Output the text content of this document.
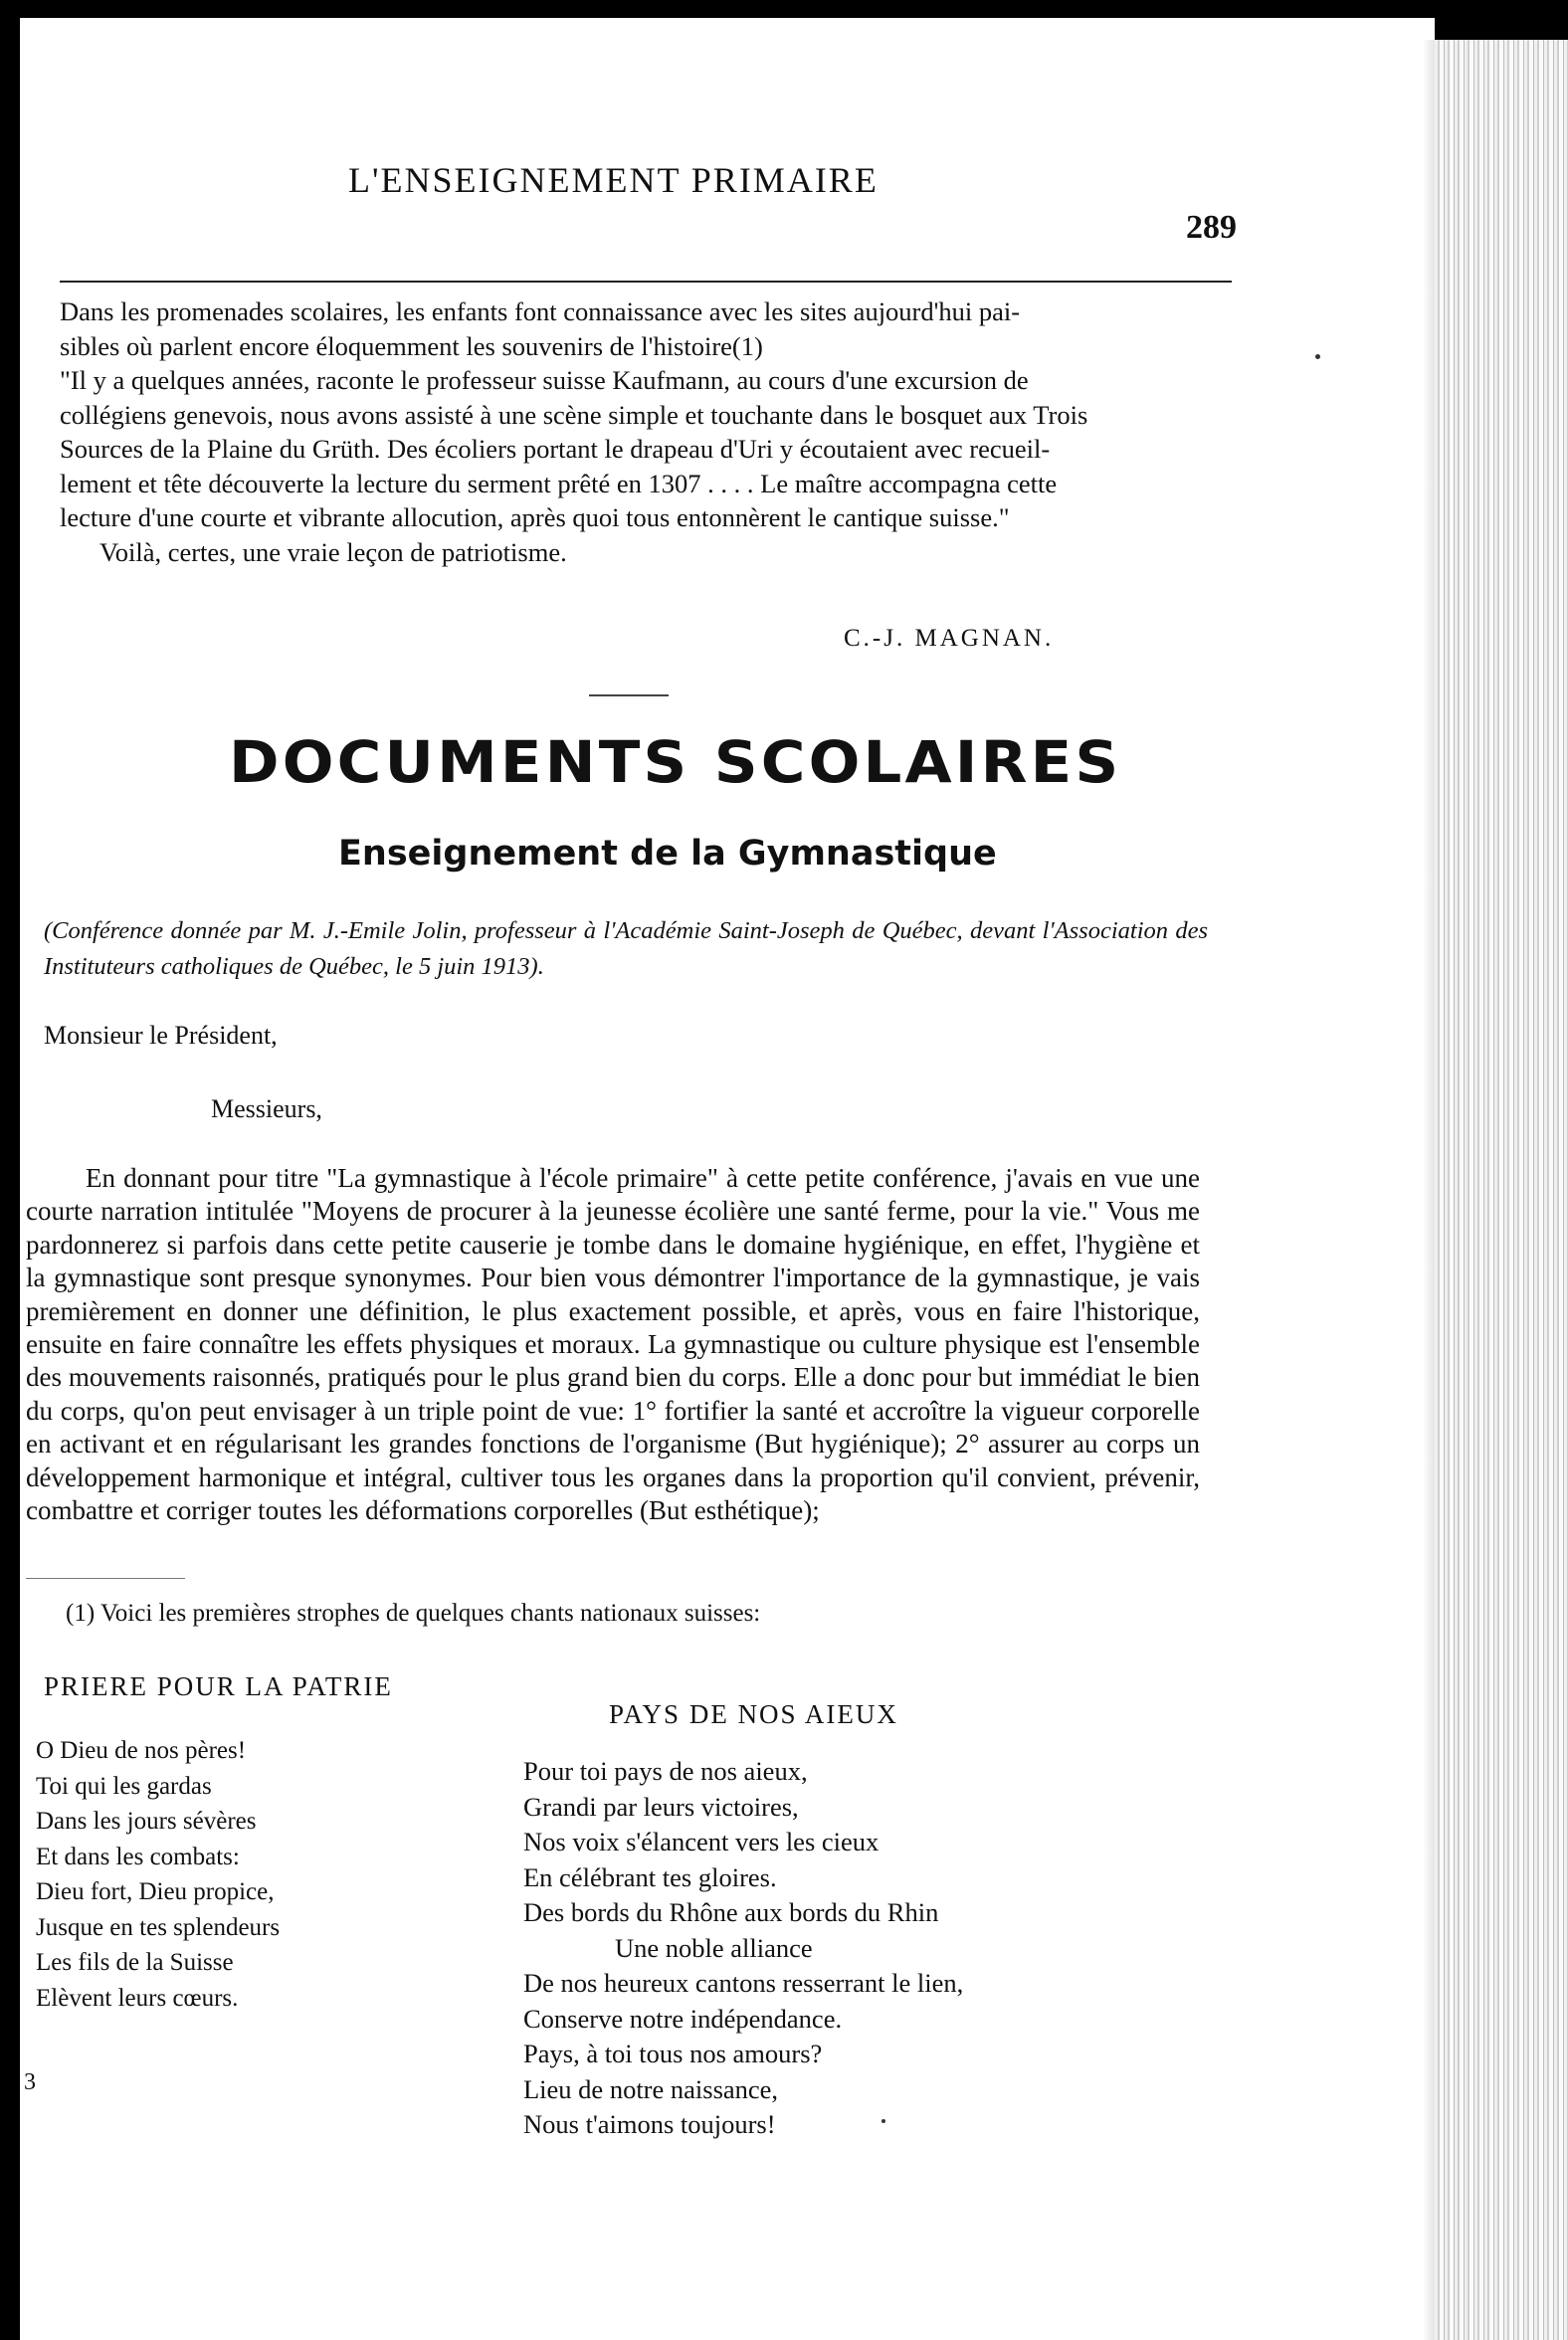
L'ENSEIGNEMENT PRIMAIRE
289
Dans les promenades scolaires, les enfants font connaissance avec les sites aujourd'hui pai-
sibles où parlent encore éloquemment les souvenirs de l'histoire(1)
"Il y a quelques années, raconte le professeur suisse Kaufmann, au cours d'une excursion de
collégiens genevois, nous avons assisté à une scène simple et touchante dans le bosquet aux Trois
Sources de la Plaine du Grüth. Des écoliers portant le drapeau d'Uri y écoutaient avec recueil-
lement et tête découverte la lecture du serment prêté en 1307 . . . . Le maître accompagna cette
lecture d'une courte et vibrante allocution, après quoi tous entonnèrent le cantique suisse."
Voilà, certes, une vraie leçon de patriotisme.
C.-J. MAGNAN.
DOCUMENTS SCOLAIRES
Enseignement de la Gymnastique
(Conférence donnée par M. J.-Emile Jolin, professeur à l'Académie Saint-Joseph de Québec, devant l'Association des Instituteurs catholiques de Québec, le 5 juin 1913).
Monsieur le Président,
Messieurs,
En donnant pour titre "La gymnastique à l'école primaire" à cette petite conférence, j'avais en vue une courte narration intitulée "Moyens de procurer à la jeunesse écolière une santé ferme, pour la vie." Vous me pardonnerez si parfois dans cette petite causerie je tombe dans le domaine hygiénique, en effet, l'hygiène et la gymnastique sont presque synonymes. Pour bien vous démontrer l'importance de la gymnastique, je vais premièrement en donner une définition, le plus exactement possible, et après, vous en faire l'historique, ensuite en faire connaître les effets physiques et moraux. La gymnastique ou culture physique est l'ensemble des mouvements raisonnés, pratiqués pour le plus grand bien du corps. Elle a donc pour but immédiat le bien du corps, qu'on peut envisager à un triple point de vue: 1° fortifier la santé et accroître la vigueur corporelle en activant et en régularisant les grandes fonctions de l'organisme (But hygiénique); 2° assurer au corps un développement harmonique et intégral, cultiver tous les organes dans la proportion qu'il convient, prévenir, combattre et corriger toutes les déformations corporelles (But esthétique);
(1) Voici les premières strophes de quelques chants nationaux suisses:
PRIERE POUR LA PATRIE
PAYS DE NOS AIEUX
O Dieu de nos pères!
Toi qui les gardas
Dans les jours sévères
Et dans les combats:
Dieu fort, Dieu propice,
Jusque en tes splendeurs
Les fils de la Suisse
Elèvent leurs cœurs.
Pour toi pays de nos aieux,
Grandi par leurs victoires,
Nos voix s'élancent vers les cieux
En célébrant tes gloires.
Des bords du Rhône aux bords du Rhin
Une noble alliance
De nos heureux cantons resserrant le lien,
Conserve notre indépendance.
Pays, à toi tous nos amours?
Lieu de notre naissance,
Nous t'aimons toujours!
3
